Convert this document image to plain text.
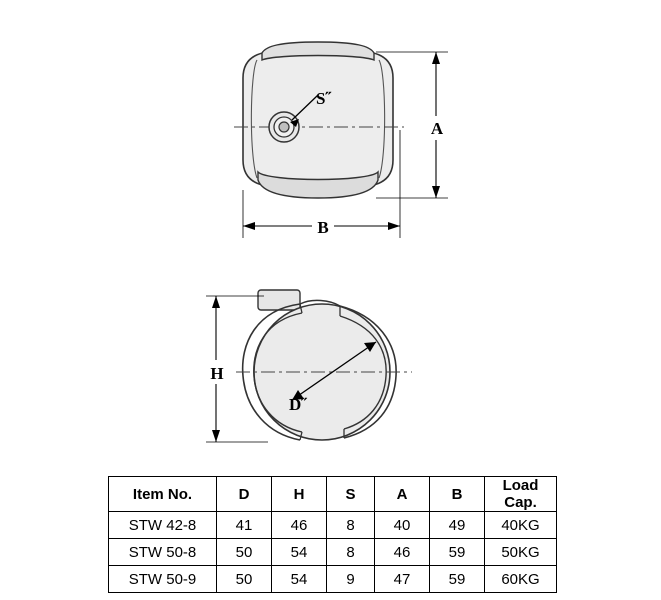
S˝
A
B
D˝
H
Item No.	D	H	S	A	B	Load Cap.
STW 42-8	41	46	8	40	49	40KG
STW 50-8	50	54	8	46	59	50KG
STW 50-9	50	54	9	47	59	60KG
